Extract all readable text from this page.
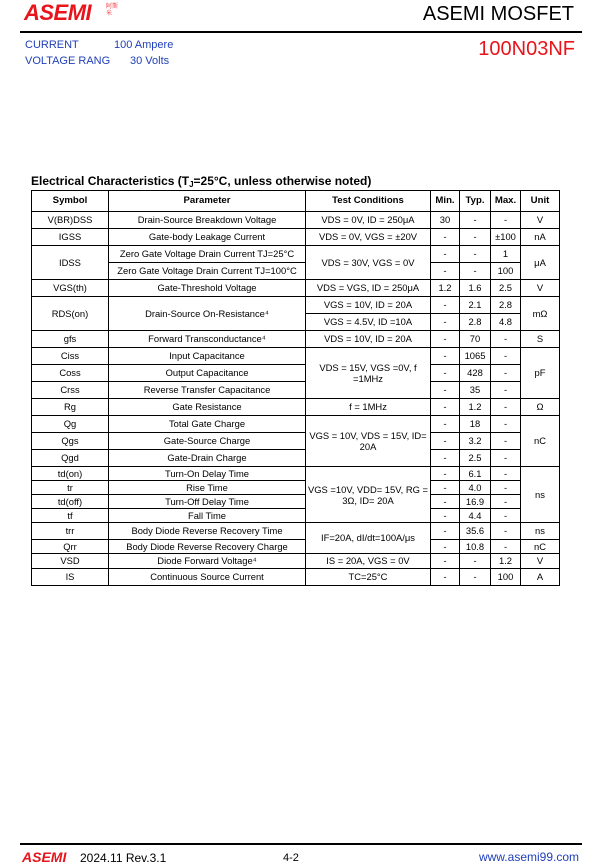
ASEMI 阿斯米	ASEMI MOSFET
CURRENT	100 Ampere
VOLTAGE RANG 30 Volts
100N03NF
Electrical Characteristics ($T_J=25^\circ C$, unless otherwise noted)
Symbol	Parameter	Test Conditions	Min.	Typ.	Max.	Unit
V(BR)DSS	Drain-Source Breakdown Voltage	VDS = 0V, ID = 250μA	30	-	-	V
IGSS	Gate-body Leakage Current	VDS = 0V, VGS = ±20V	-	-	±100	nA
IDSS	Zero Gate Voltage Drain Current TJ=25°C	VDS = 30V, VGS = 0V	-	-	1	μA
	Zero Gate Voltage Drain Current TJ=100°C		-	-	100	
VGS(th)	Gate-Threshold Voltage	VDS = VGS, ID = 250μA	1.2	1.6	2.5	V
RDS(on)	Drain-Source On-Resistance⁴	VGS = 10V, ID = 20A	-	2.1	2.8	mΩ
		VGS = 4.5V, ID =10A	-	2.8	4.8	
gfs	Forward Transconductance⁴	VDS = 10V, ID = 20A	-	70	-	S
Ciss	Input Capacitance	VDS = 15V, VGS =0V, f =1MHz	-	1065	-	pF
Coss	Output Capacitance		-	428	-	
Crss	Reverse Transfer Capacitance		-	35	-	
Rg	Gate Resistance	f = 1MHz	-	1.2	-	Ω
Qg	Total Gate Charge	VGS = 10V, VDS = 15V, ID= 20A	-	18	-	nC
Qgs	Gate-Source Charge		-	3.2	-	
Qgd	Gate-Drain Charge		-	2.5	-	
td(on)	Turn-On Delay Time	VGS =10V, VDD= 15V, RG = 3Ω, ID= 20A	-	6.1	-	ns
tr	Rise Time		-	4.0	-	
td(off)	Turn-Off Delay Time		-	16.9	-	
tf	Fall Time		-	4.4	-	
trr	Body Diode Reverse Recovery Time	IF=20A, dI/dt=100A/μs	-	35.6	-	ns
Qrr	Body Diode Reverse Recovery Charge		-	10.8	-	nC
VSD	Diode Forward Voltage⁴	IS = 20A, VGS = 0V	-	-	1.2	V
IS	Continuous Source Current	TC=25°C	-	-	100	A
ASEMI 2024.11 Rev.3.1	4-2	www.asemi99.com
